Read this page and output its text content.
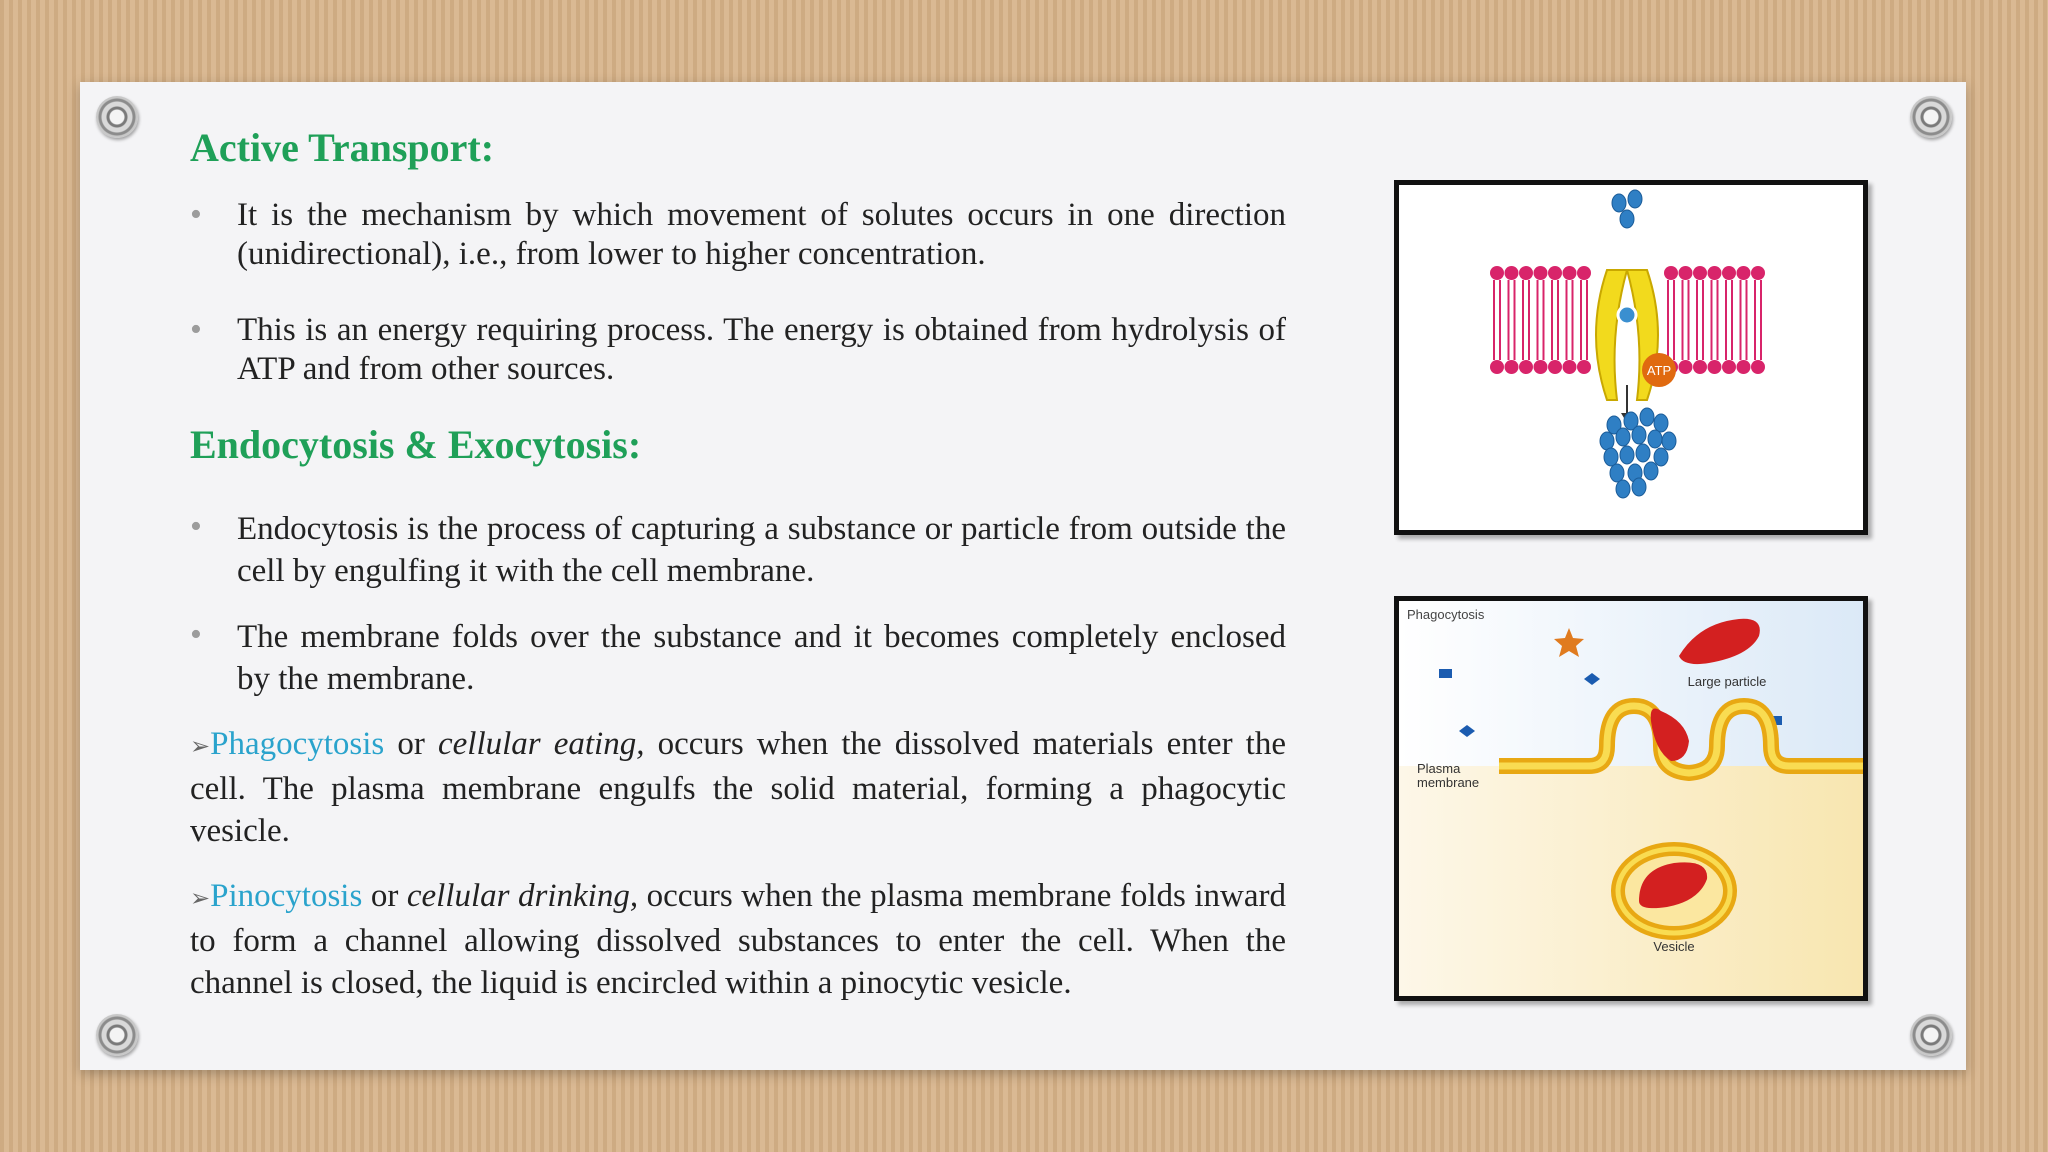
Active Transport:
•	It is the mechanism by which movement of solutes occurs in one direction (unidirectional), i.e., from lower to higher concentration.

•	This is an energy requiring process. The energy is obtained from hydrolysis of ATP and from other sources.

Endocytosis & Exocytosis:
•	Endocytosis is the process of capturing a substance or particle from outside the cell by engulfing it with the cell membrane.

•	The membrane folds over the substance and it becomes completely enclosed by the membrane.

➢Phagocytosis or cellular eating, occurs when the dissolved materials enter the cell. The plasma membrane engulfs the solid material, forming a phagocytic vesicle.

➢Pinocytosis or cellular drinking, occurs when the plasma membrane folds inward to form a channel allowing dissolved substances to enter the cell. When the channel is closed, the liquid is encircled within a pinocytic vesicle.

ATP
Phagocytosis
Large particle
Plasma
membrane
Vesicle
